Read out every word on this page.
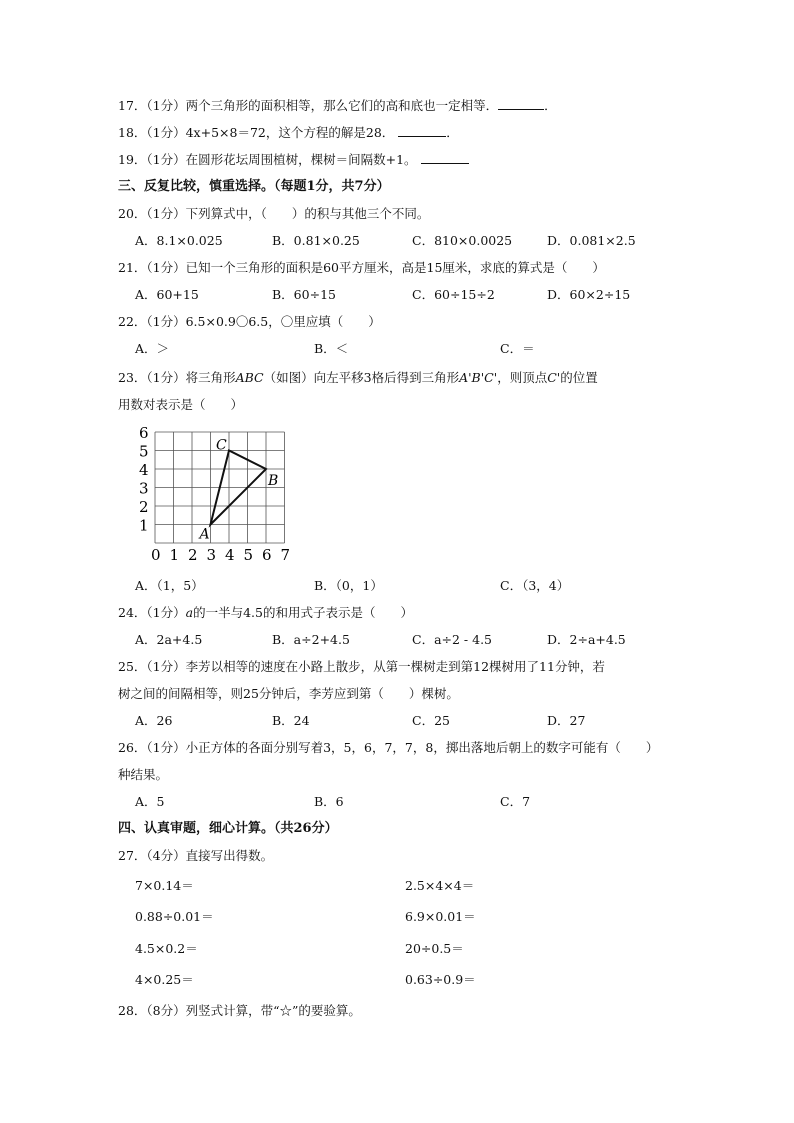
17．（1分）两个三角形的面积相等，那么它们的高和底也一定相等．	．
18．（1分）4x+5×8＝72，这个方程的解是28．	．
19．（1分）在圆形花坛周围植树，棵树＝间隔数+1。
三、反复比较，慎重选择。（每题1分，共7分）
20．（1分）下列算式中，（　　）的积与其他三个不同。
A．8.1×0.025	B．0.81×0.25	C．810×0.0025	D．0.081×2.5
21．（1分）已知一个三角形的面积是60平方厘米，高是15厘米，求底的算式是（　　）
A．60+15	B．60÷15	C．60÷15÷2	D．60×2÷15
22．（1分）6.5×0.9〇6.5，〇里应填（　　）
A．＞	B．＜	C．＝
23．（1分）将三角形ABC（如图）向左平移3格后得到三角形A'B'C'，则顶点C'的位置
用数对表示是（　　）
0 1 2 3 4 5 6 7
6
5
4
3
2
1	A
B
C
A．（1，5）	B．（0，1）	C．（3，4）
24．（1分）a的一半与4.5的和用式子表示是（　　）
A．2a+4.5	B．a÷2+4.5	C．a÷2 - 4.5	D．2÷a+4.5
25．（1分）李芳以相等的速度在小路上散步，从第一棵树走到第12棵树用了11分钟，若
树之间的间隔相等，则25分钟后，李芳应到第（　　）棵树。
A．26	B．24	C．25	D．27
26．（1分）小正方体的各面分别写着3，5，6，7，7，8，掷出落地后朝上的数字可能有（　　）
种结果。
A．5	B．6	C．7
四、认真审题，细心计算。（共26分）
27．（4分）直接写出得数。
7×0.14＝	2.5×4×4＝
0.88÷0.01＝	6.9×0.01＝
4.5×0.2＝	20÷0.5＝
4×0.25＝	0.63÷0.9＝
28．（8分）列竖式计算，带“☆”的要验算。
